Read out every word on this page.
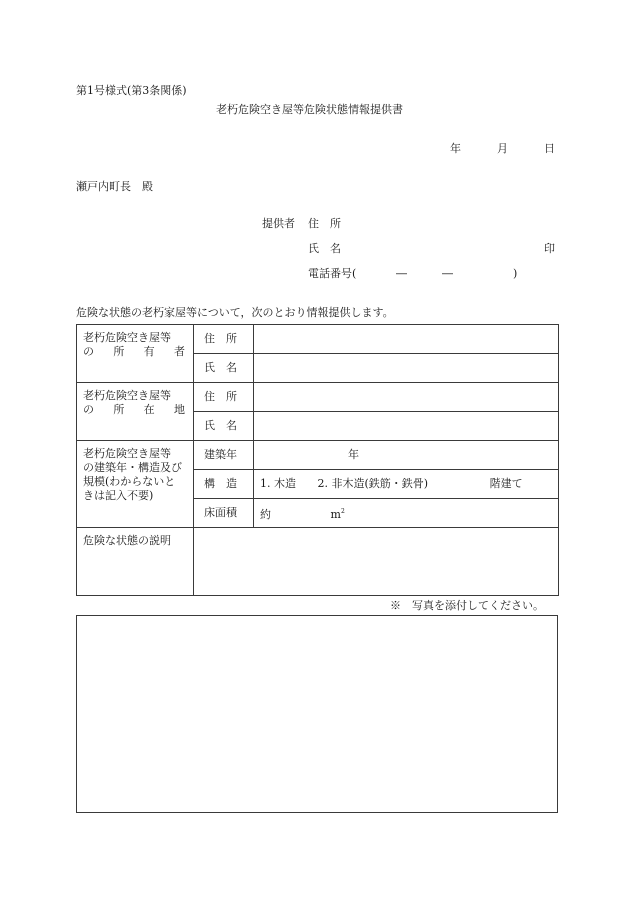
第1号様式(第3条関係)
老朽危険空き屋等危険状態情報提供書
年	月	日
瀬戸内町長　殿
提供者 住　所
氏　名	印
電話番号(	―	―	)
危険な状態の老朽家屋等について，次のとおり情報提供します。
老朽危険空き屋等
の 所 有 者	住　所	
	氏　名	

老朽危険空き屋等
の 所 在 地	住　所	
	氏　名	

老朽危険空き屋等
の建築年・構造及び
規模(わからないと
きは記入不要)	建築年	年
	構　造	1. 木造 2. 非木造(鉄筋・鉄骨) 階建て
	床面積	約 $m^2$
危険な状態の説明		
※　写真を添付してください。
